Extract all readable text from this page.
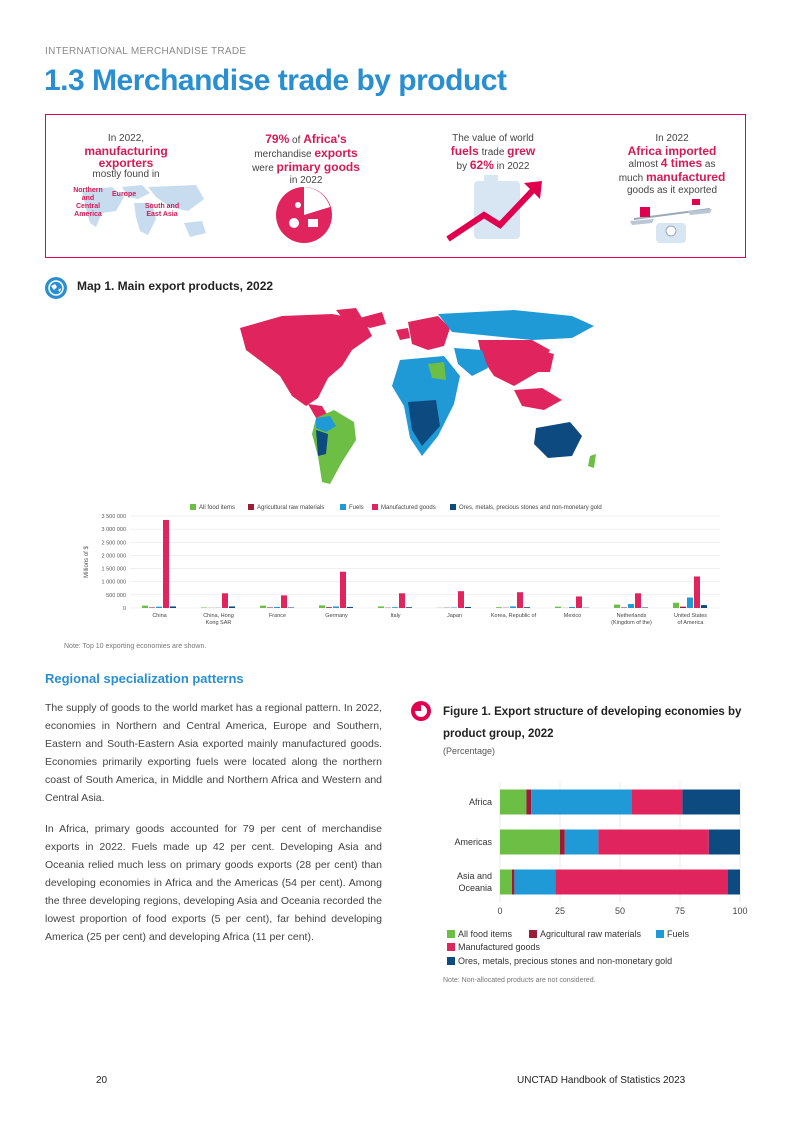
INTERNATIONAL MERCHANDISE TRADE
1.3 Merchandise trade by product
In 2022,
manufacturing exporters
mostly found in
Northern and Central America
Europe
South and East Asia
79% of Africa's
merchandise exports
were primary goods
in 2022
The value of world
fuels trade grew
by 62% in 2022
In 2022
Africa imported
almost 4 times as
much manufactured
goods as it exported
Map 1. Main export products, 2022
All food items	Agricultural raw materials	Fuels	Manufactured goods	Ores, metals, precious stones and non-monetary gold
Millions of $
3 500 000
3 000 000
2 500 000
2 000 000
1 500 000
1 000 000
500 000
0
China	China, Hong
Kong SAR
France	Germany	Italy	Japan	Korea, Republic of	Mexico	Netherlands
(Kingdom of the)
United States
of America
Note: Top 10 exporting economies are shown.
Regional specialization patterns
The supply of goods to the world market has a regional pattern. In 2022, economies in Northern and Central America, Europe and Southern, Eastern and South-Eastern Asia exported mainly manufactured goods. Economies primarily exporting fuels were located along the northern coast of South America, in Middle and Northern Africa and Western and Central Asia.
In Africa, primary goods accounted for 79 per cent of merchandise exports in 2022. Fuels made up 42 per cent. Developing Asia and Oceania relied much less on primary goods exports (28 per cent) than developing economies in Africa and the Americas (54 per cent). Among the three developing regions, developing Asia and Oceania recorded the lowest proportion of food exports (5 per cent), far behind developing America (25 per cent) and developing Africa (11 per cent).
Figure 1. Export structure of developing economies by product group, 2022
(Percentage)
0	25	50	75	100
Africa
Americas
Asia and
Oceania
All food items	Agricultural raw materials	Fuels
Manufactured goods
Ores, metals, precious stones and non-monetary gold
Note: Non-allocated products are not considered.
20	UNCTAD Handbook of Statistics 2023
